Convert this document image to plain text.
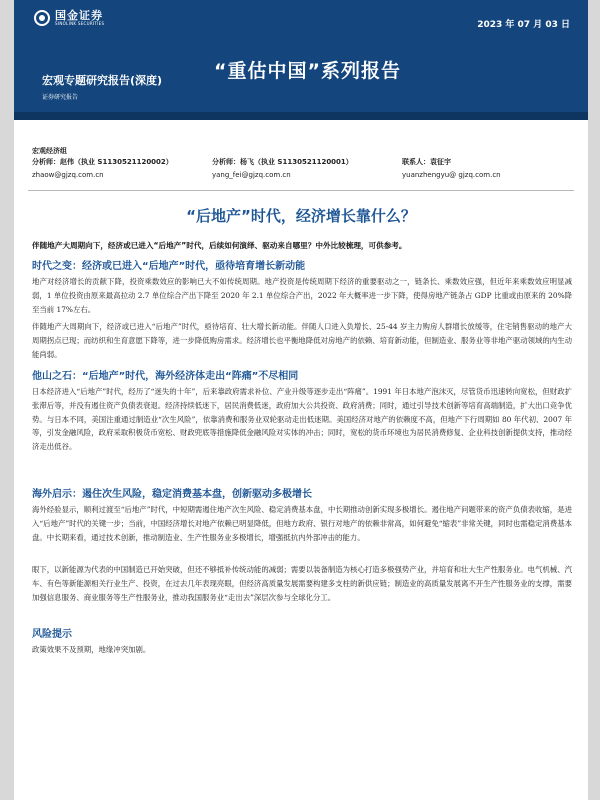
国金证券
SINOLINK SECURITIES	2023 年 07 月 03 日
“重估中国”系列报告
宏观专题研究报告(深度)
证券研究报告
宏观经济组
分析师：赵伟（执业 S1130521120002）
zhaow@gjzq.com.cn
分析师：杨飞（执业 S1130521120001）
yang_fei@gjzq.com.cn
联系人：袁征宇
yuanzhengyu@ gjzq.com.cn
“后地产”时代，经济增长靠什么？
伴随地产大周期向下，经济或已进入“后地产”时代，后续如何演绎、驱动来自哪里？中外比较梳理，可供参考。
时代之变：经济或已进入“后地产”时代，亟待培育增长新动能
地产对经济增长的贡献下降，投资乘数效应的影响已大不如传统周期。地产投资是传统周期下经济的重要驱动之一，链条长、乘数效应强，但近年来乘数效应明显减弱，1 单位投资由原来最高拉动 2.7 单位综合产出下降至 2020 年 2.1 单位综合产出，2022 年大概率进一步下降，使得房地产链条占 GDP 比重或由原来的 20%降至当前 17%左右。
伴随地产大周期向下，经济或已进入“后地产”时代，亟待培育、壮大增长新动能。伴随人口进入负增长、25-44 岁主力购房人群增长放缓等，住宅销售驱动的地产大周期拐点已现；而纺织和生育意愿下降等，进一步降低购房需求。经济增长也平衡地降低对房地产的依赖、培育新动能，但制造业、服务业等非地产驱动领域的内生动能尚弱。
他山之石：“后地产”时代，海外经济体走出“阵痛”不尽相同
日本经济进入“后地产”时代，经历了“迷失的十年”，后来靠政府需求补位、产业升级等逐步走出“阵痛”。1991 年日本地产泡沫灭，尽管货币迅速转向宽松，但财政扩张滞后等，并没有遏住资产负债表衰退。经济持续低迷下，居民消费低迷，政府加大公共投资、政府消费；同时，通过引导技术创新等培育高端制造，扩大出口竞争优势。与日本不同，美国注重通过制造业“次生风险”，依靠消费和服务业双轮驱动走出低迷期。美国经济对地产的依赖度不高，但地产下行周期如 80 年代初、2007 年等，引发金融风险，政府采取积极货币宽松、财政兜底等措施降低金融风险对实体的冲击；同时，宽松的货币环境也为居民消费修复、企业科技创新提供支持，推动经济走出低谷。
海外启示：遏住次生风险，稳定消费基本盘，创新驱动多极增长
海外经验显示，顺利过渡至“后地产”时代，中短期需遏住地产次生风险、稳定消费基本盘，中长期推动创新实现多极增长。遏住地产问题带来的资产负债表收缩，是进入“后地产”时代的关键一步；当前，中国经济增长对地产依赖已明显降低，但地方政府、银行对地产的依赖非常高，如何避免“缩表”非常关键，同时也需稳定消费基本盘。中长期来看，通过技术创新，推动制造业、生产性服务业多极增长，增强抵抗内外部冲击的能力。
眼下，以新能源为代表的中国制造已开始突破，但还不够抵补传统动能的减弱；需要以装备制造为核心打造多极强势产业，并培育和壮大生产性服务业。电气机械、汽车、有色等新能源相关行业生产、投资，在过去几年表现亮眼，但经济高质量发展需要构建多支柱的新供应链；制造业的高质量发展离不开生产性服务业的支撑，需要加强信息服务、商业服务等生产性服务业，推动我国服务业“走出去”深层次参与全球化分工。
风险提示
政策效果不及预期，地缘冲突加剧。
